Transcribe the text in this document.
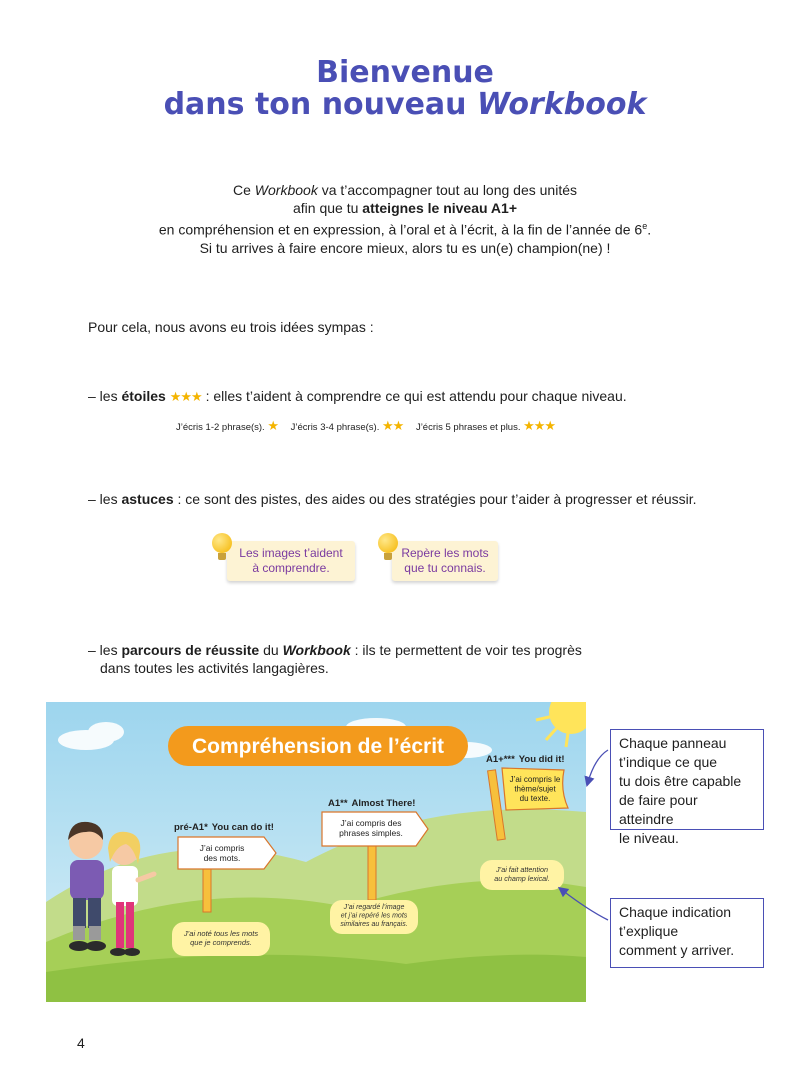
Bienvenue
dans ton nouveau Workbook

Ce Workbook va t’accompagner tout au long des unités

afin que tu atteignes le niveau A1+

en compréhension et en expression, à l’oral et à l’écrit, à la fin de l’année de 6e.

Si tu arrives à faire encore mieux, alors tu es un(e) champion(ne) !

Pour cela, nous avons eu trois idées sympas :
– les étoiles ★★★ : elles t’aident à comprendre ce qui est attendu pour chaque niveau.
J’écris 1-2 phrase(s). ★ J’écris 3-4 phrase(s). ★★ J’écris 5 phrases et plus. ★★★
– les astuces : ce sont des pistes, des aides ou des stratégies pour t’aider à progresser et réussir.
Les images t’aident
à comprendre.
Repère les mots
que tu connais.
– les parcours de réussite du Workbook : ils te permettent de voir tes progrès
dans toutes les activités langagières.
Compréhension de l’écrit
pré-A1* You can do it!
J’ai compris des mots.
J’ai noté tous les mots que je comprends.
A1** Almost There!
J’ai compris des phrases simples.
J’ai regardé l’image et j’ai repéré les mots similaires au français.
A1+*** You did it!
J’ai compris le thème/sujet du texte.
J’ai fait attention au champ lexical.
Chaque panneau
t’indique ce que
tu dois être capable
de faire pour atteindre
le niveau.
Chaque indication
t’explique
comment y arriver.
4
